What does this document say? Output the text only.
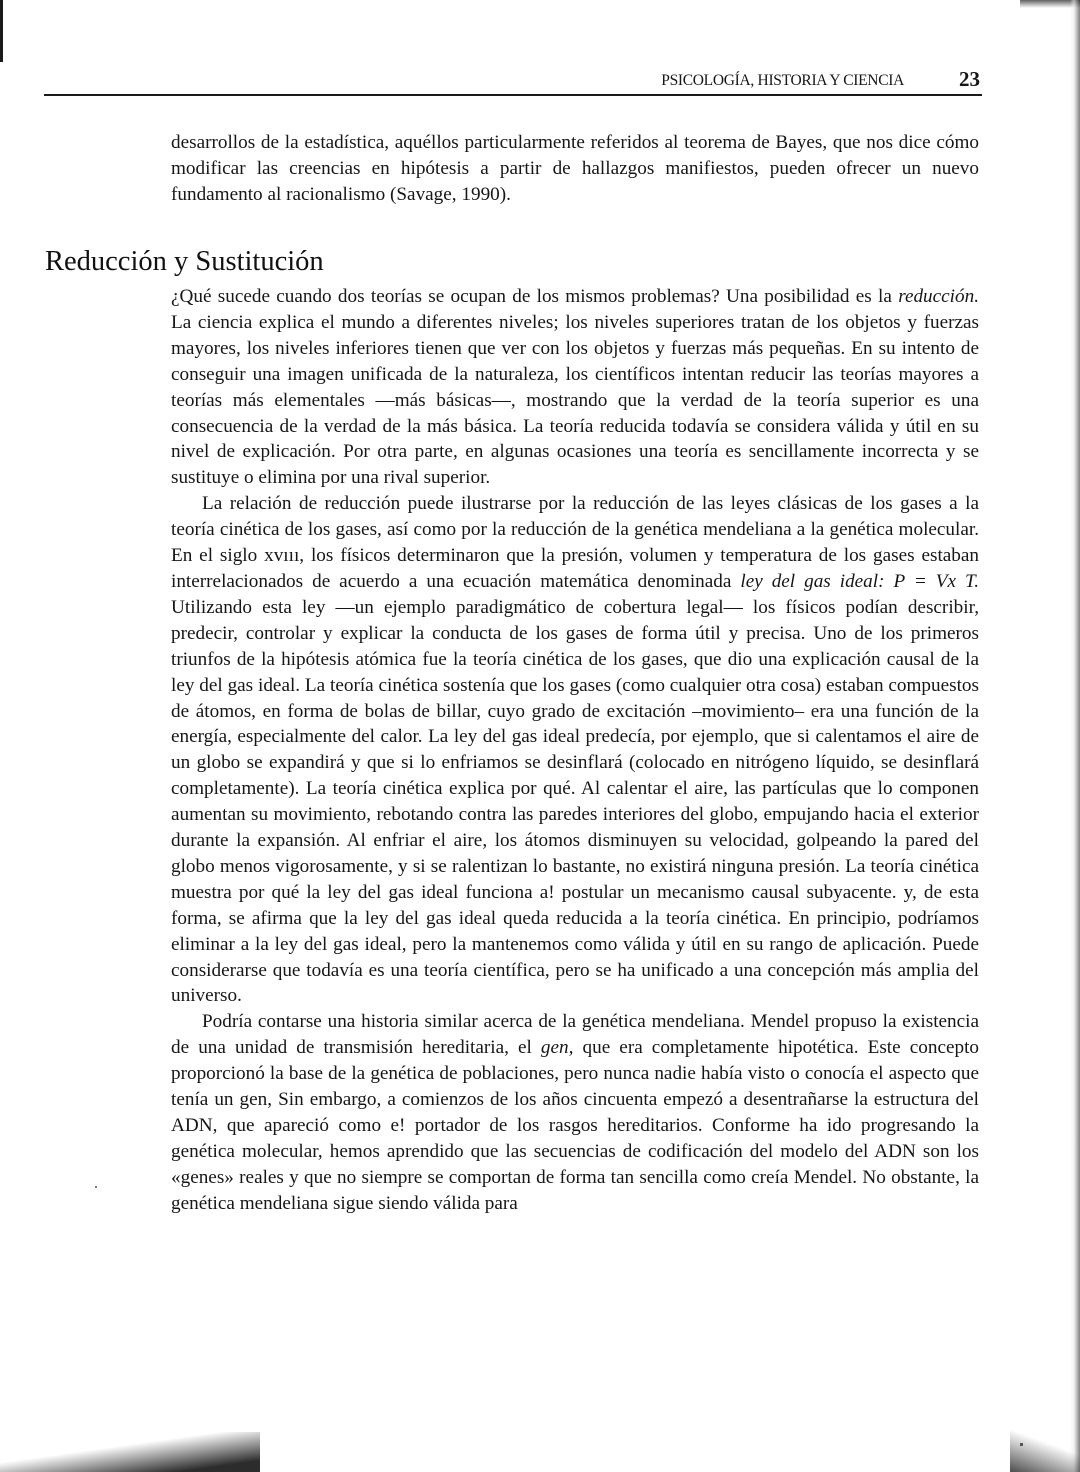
PSICOLOGÍA, HISTORIA Y CIENCIA	23

desarrollos de la estadística, aquéllos particularmente referidos al teorema de Bayes, que nos dice cómo modificar las creencias en hipótesis a partir de hallazgos manifiestos, pueden ofrecer un nuevo fundamento al racionalismo (Savage, 1990).

Reducción y Sustitución

¿Qué sucede cuando dos teorías se ocupan de los mismos problemas? Una posibilidad es la reducción. La ciencia explica el mundo a diferentes niveles; los niveles superiores tratan de los objetos y fuerzas mayores, los niveles inferiores tienen que ver con los objetos y fuerzas más pequeñas. En su intento de conseguir una imagen unificada de la naturaleza, los científicos intentan reducir las teorías mayores a teorías más elementales —más básicas—, mostrando que la verdad de la teoría superior es una consecuencia de la verdad de la más básica. La teoría reducida todavía se considera válida y útil en su nivel de explicación. Por otra parte, en algunas ocasiones una teoría es sencillamente incorrecta y se sustituye o elimina por una rival superior.

La relación de reducción puede ilustrarse por la reducción de las leyes clásicas de los gases a la teoría cinética de los gases, así como por la reducción de la genética mendeliana a la genética molecular. En el siglo xvııı, los físicos determinaron que la presión, volumen y temperatura de los gases estaban interrelacionados de acuerdo a una ecuación matemática denominada ley del gas ideal: P = Vx T. Utilizando esta ley —un ejemplo paradigmático de cobertura legal— los físicos podían describir, predecir, controlar y explicar la conducta de los gases de forma útil y precisa. Uno de los primeros triunfos de la hipótesis atómica fue la teoría cinética de los gases, que dio una explicación causal de la ley del gas ideal. La teoría cinética sostenía que los gases (como cualquier otra cosa) estaban compuestos de átomos, en forma de bolas de billar, cuyo grado de excitación –movimiento– era una función de la energía, especialmente del calor. La ley del gas ideal predecía, por ejemplo, que si calentamos el aire de un globo se expandirá y que si lo enfriamos se desinflará (colocado en nitrógeno líquido, se desinflará completamente). La teoría cinética explica por qué. Al calentar el aire, las partículas que lo componen aumentan su movimiento, rebotando contra las paredes interiores del globo, empujando hacia el exterior durante la expansión. Al enfriar el aire, los átomos disminuyen su velocidad, golpeando la pared del globo menos vigorosamente, y si se ralentizan lo bastante, no existirá ninguna presión. La teoría cinética muestra por qué la ley del gas ideal funciona a! postular un mecanismo causal subyacente. y, de esta forma, se afirma que la ley del gas ideal queda reducida a la teoría cinética. En principio, podríamos eliminar a la ley del gas ideal, pero la mantenemos como válida y útil en su rango de aplicación. Puede considerarse que todavía es una teoría científica, pero se ha unificado a una concepción más amplia del universo.

Podría contarse una historia similar acerca de la genética mendeliana. Mendel propuso la existencia de una unidad de transmisión hereditaria, el gen, que era completamente hipotética. Este concepto proporcionó la base de la genética de poblaciones, pero nunca nadie había visto o conocía el aspecto que tenía un gen, Sin embargo, a comienzos de los años cincuenta empezó a desentrañarse la estructura del ADN, que apareció como e! portador de los rasgos hereditarios. Conforme ha ido progresando la genética molecular, hemos aprendido que las secuencias de codificación del modelo del ADN son los «genes» reales y que no siempre se comportan de forma tan sencilla como creía Mendel. No obstante, la genética mendeliana sigue siendo válida para
